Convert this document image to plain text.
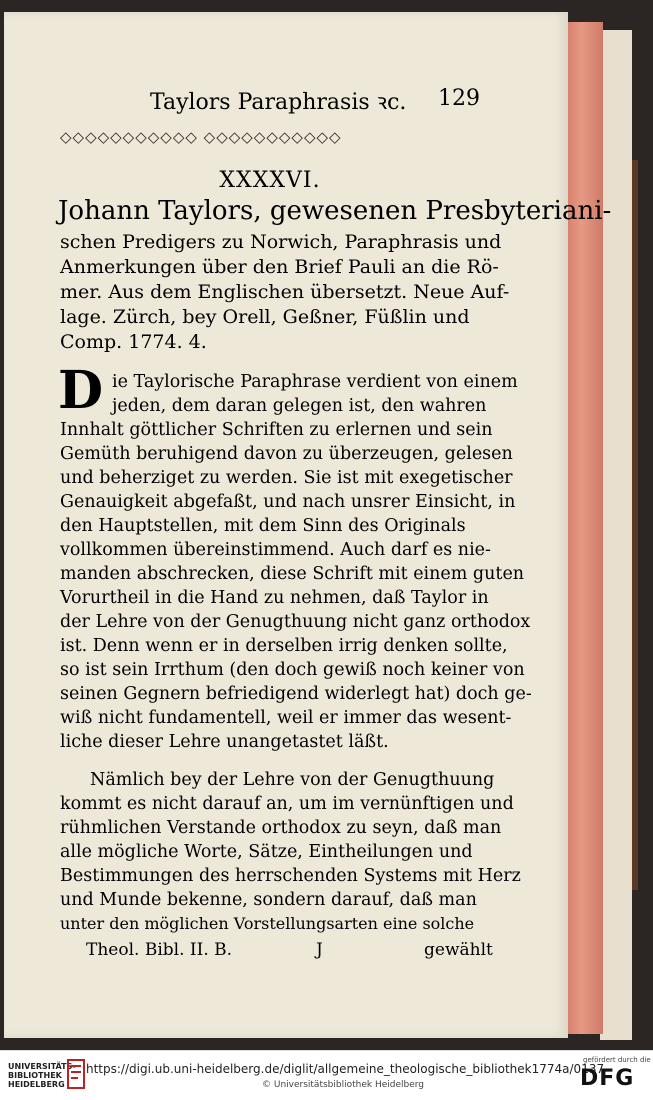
Taylors Paraphrasis ꝛc. 129
◇◇◇◇◇◇◇◇◇◇◇ ◇◇◇◇◇◇◇◇◇◇◇
XXXXVI.
Johann Taylors, gewesenen Presbyteriani-
schen Predigers zu Norwich, Paraphrasis und
Anmerkungen über den Brief Pauli an die Rö-
mer. Aus dem Englischen übersetzt. Neue Auf-
lage. Zürch, bey Orell, Geßner, Füßlin und
Comp. 1774. 4.
D ie Taylorische Paraphrase verdient von einem
jeden, dem daran gelegen ist, den wahren
Innhalt göttlicher Schriften zu erlernen und sein
Gemüth beruhigend davon zu überzeugen, gelesen
und beherziget zu werden. Sie ist mit exegetischer
Genauigkeit abgefaßt, und nach unsrer Einsicht, in
den Hauptstellen, mit dem Sinn des Originals
vollkommen übereinstimmend. Auch darf es nie-
manden abschrecken, diese Schrift mit einem guten
Vorurtheil in die Hand zu nehmen, daß Taylor in
der Lehre von der Genugthuung nicht ganz orthodox
ist. Denn wenn er in derselben irrig denken sollte,
so ist sein Irrthum (den doch gewiß noch keiner von
seinen Gegnern befriedigend widerlegt hat) doch ge-
wiß nicht fundamentell, weil er immer das wesent-
liche dieser Lehre unangetastet läßt.
Nämlich bey der Lehre von der Genugthuung
kommt es nicht darauf an, um im vernünftigen und
rühmlichen Verstande orthodox zu seyn, daß man
alle mögliche Worte, Sätze, Eintheilungen und
Bestimmungen des herrschenden Systems mit Herz
und Munde bekenne, sondern darauf, daß man
unter den möglichen Vorstellungsarten eine solche
Theol. Bibl. II. B.	J	gewählt
UNIVERSITÄTS-
BIBLIOTHEK
HEIDELBERG
https://digi.ub.uni-heidelberg.de/diglit/allgemeine_theologische_bibliothek1774a/0137
© Universitätsbibliothek Heidelberg
gefördert durch die
DFG
